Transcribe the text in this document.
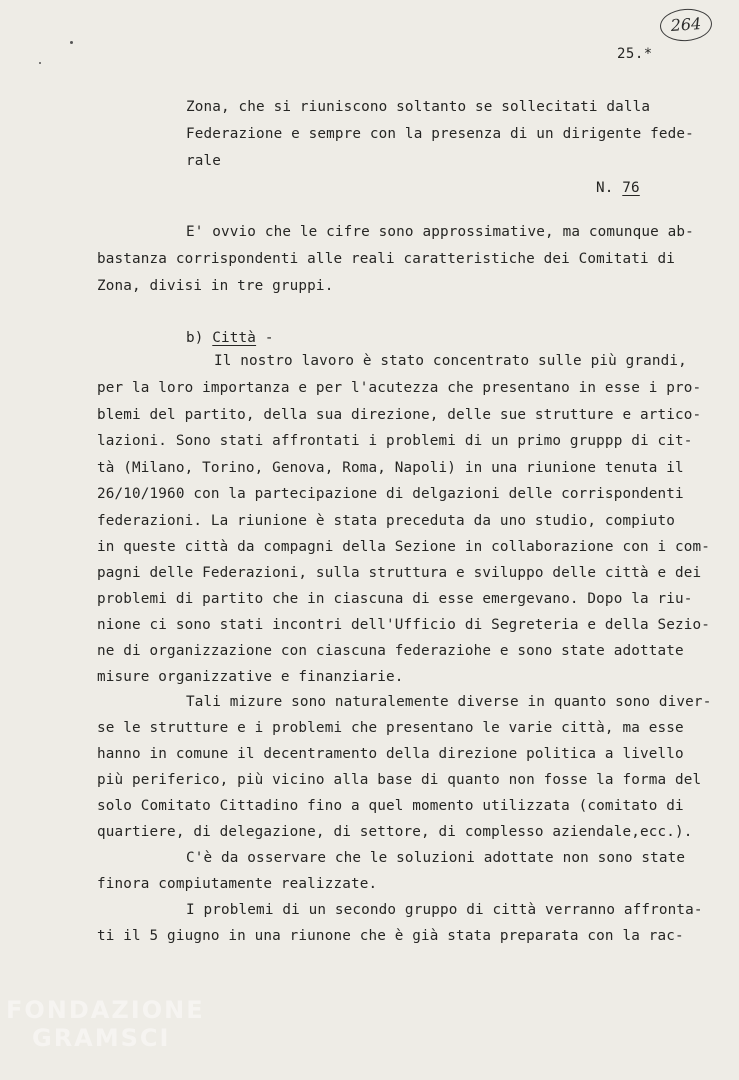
264
25.*
Zona, che si riuniscono soltanto se sollecitati dalla
Federazione e sempre con la presenza di un dirigente fede-
rale
N. 76
E' ovvio che le cifre sono approssimative, ma comunque ab-
bastanza corrispondenti alle reali caratteristiche dei Comitati di
Zona, divisi in tre gruppi.
b) Città -
Il nostro lavoro è stato concentrato sulle più grandi,
per la loro importanza e per l'acutezza che presentano in esse i pro-
blemi del partito, della sua direzione, delle sue strutture e artico-
lazioni. Sono stati affrontati i problemi di un primo gruppp di cit-
tà (Milano, Torino, Genova, Roma, Napoli) in una riunione tenuta il
26/10/1960 con la partecipazione di delgazioni delle corrispondenti
federazioni. La riunione è stata preceduta da uno studio, compiuto
in queste città da compagni della Sezione in collaborazione con i com-
pagni delle Federazioni, sulla struttura e sviluppo delle città e dei
problemi di partito che in ciascuna di esse emergevano. Dopo la riu-
nione ci sono stati incontri dell'Ufficio di Segreteria e della Sezio-
ne di organizzazione con ciascuna federaziohe e sono state adottate
misure organizzative e finanziarie.
Tali mizure sono naturalemente diverse in quanto sono diver-
se le strutture e i problemi che presentano le varie città, ma esse
hanno in comune il decentramento della direzione politica a livello
più periferico, più vicino alla base di quanto non fosse la forma del
solo Comitato Cittadino fino a quel momento utilizzata (comitato di
quartiere, di delegazione, di settore, di complesso aziendale,ecc.).
C'è da osservare che le soluzioni adottate non sono state
finora compiutamente realizzate.
I problemi di un secondo gruppo di città verranno affronta-
ti il 5 giugno in una riunone che è già stata preparata con la rac-
FONDAZIONE
GRAMSCI
